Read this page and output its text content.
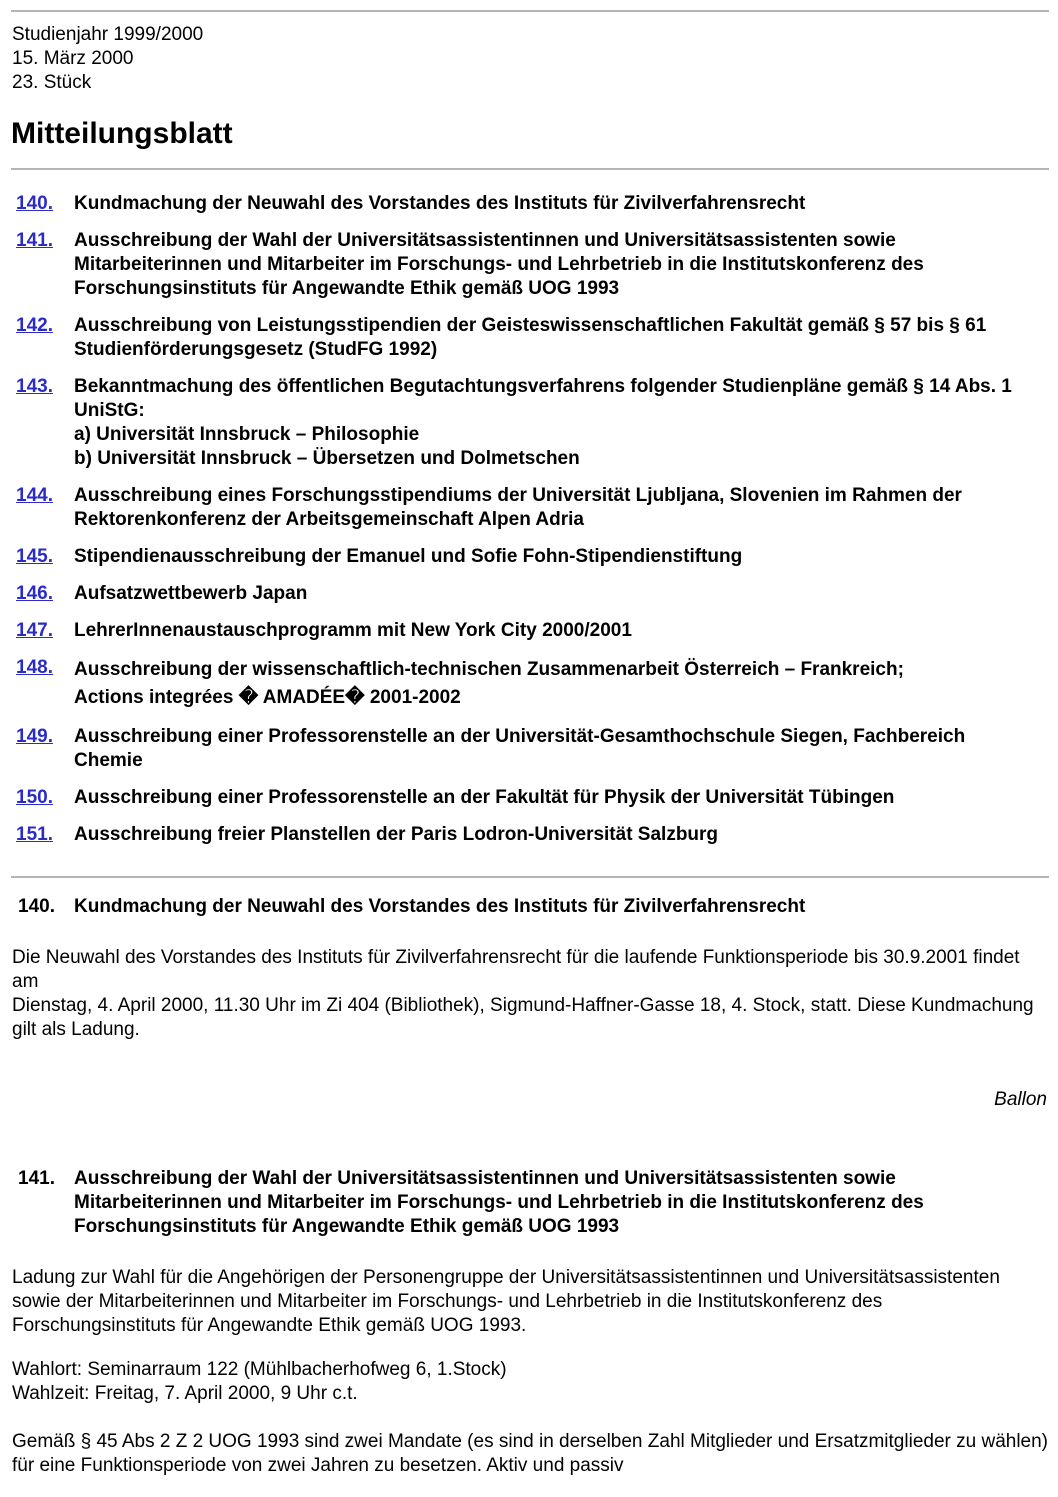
Studienjahr 1999/2000
15. März 2000
23. Stück
Mitteilungsblatt
140.	Kundmachung der Neuwahl des Vorstandes des Instituts für Zivilverfahrensrecht
141.	Ausschreibung der Wahl der Universitätsassistentinnen und Universitätsassistenten sowie Mitarbeiterinnen und Mitarbeiter im Forschungs- und Lehrbetrieb in die Institutskonferenz des Forschungsinstituts für Angewandte Ethik gemäß UOG 1993
142.	Ausschreibung von Leistungsstipendien der Geisteswissenschaftlichen Fakultät gemäß § 57 bis § 61 Studienförderungsgesetz (StudFG 1992)
143.	Bekanntmachung des öffentlichen Begutachtungsverfahrens folgender Studienpläne gemäß § 14 Abs. 1 UniStG:
a) Universität Innsbruck – Philosophie
b) Universität Innsbruck – Übersetzen und Dolmetschen
144.	Ausschreibung eines Forschungsstipendiums der Universität Ljubljana, Slovenien im Rahmen der Rektorenkonferenz der Arbeitsgemeinschaft Alpen Adria
145.	Stipendienausschreibung der Emanuel und Sofie Fohn-Stipendienstiftung
146.	Aufsatzwettbewerb Japan
147.	LehrerInnenaustauschprogramm mit New York City 2000/2001
148.	Ausschreibung der wissenschaftlich-technischen Zusammenarbeit Österreich – Frankreich;
Actions integrées � AMADÉE� 2001-2002
149.	Ausschreibung einer Professorenstelle an der Universität-Gesamthochschule Siegen, Fachbereich Chemie
150.	Ausschreibung einer Professorenstelle an der Fakultät für Physik der Universität Tübingen
151.	Ausschreibung freier Planstellen der Paris Lodron-Universität Salzburg
140. Kundmachung der Neuwahl des Vorstandes des Instituts für Zivilverfahrensrecht
Die Neuwahl des Vorstandes des Instituts für Zivilverfahrensrecht für die laufende Funktionsperiode bis 30.9.2001 findet am
Dienstag, 4. April 2000, 11.30 Uhr im Zi 404 (Bibliothek), Sigmund-Haffner-Gasse 18, 4. Stock, statt. Diese Kundmachung gilt als Ladung.
Ballon
141. Ausschreibung der Wahl der Universitätsassistentinnen und Universitätsassistenten sowie Mitarbeiterinnen und Mitarbeiter im Forschungs- und Lehrbetrieb in die Institutskonferenz des Forschungsinstituts für Angewandte Ethik gemäß UOG 1993
Ladung zur Wahl für die Angehörigen der Personengruppe der Universitätsassistentinnen und Universitätsassistenten sowie der Mitarbeiterinnen und Mitarbeiter im Forschungs- und Lehrbetrieb in die Institutskonferenz des Forschungsinstituts für Angewandte Ethik gemäß UOG 1993.
Wahlort: Seminarraum 122 (Mühlbacherhofweg 6, 1.Stock)
Wahlzeit: Freitag, 7. April 2000, 9 Uhr c.t.
Gemäß § 45 Abs 2 Z 2 UOG 1993 sind zwei Mandate (es sind in derselben Zahl Mitglieder und Ersatzmitglieder zu wählen) für eine Funktionsperiode von zwei Jahren zu besetzen. Aktiv und passiv
